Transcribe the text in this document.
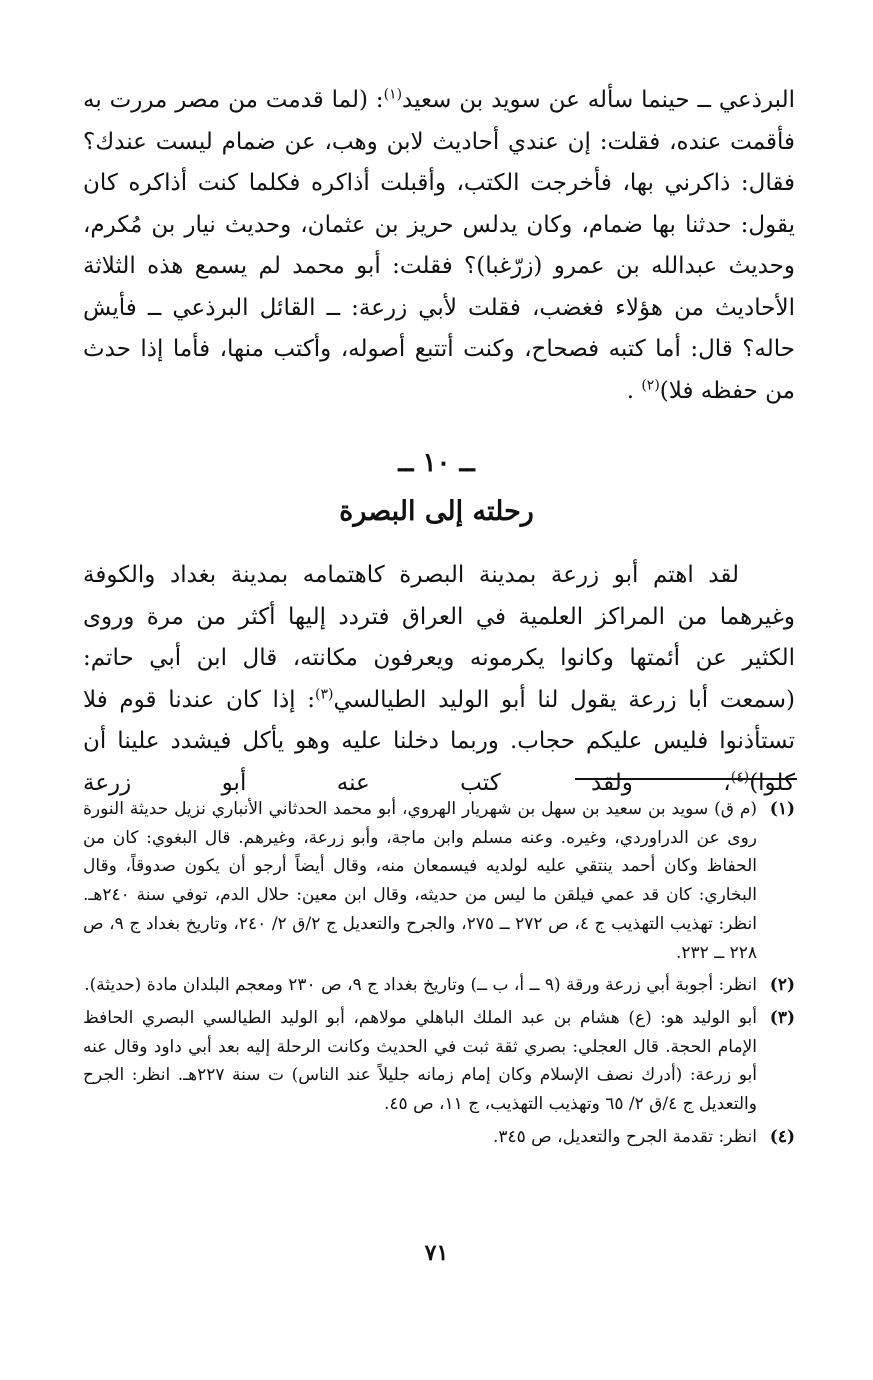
البرذعي ــ حينما سأله عن سويد بن سعيد$^{(١)}$: (لما قدمت من مصر مررت به فأقمت عنده، فقلت: إن عندي أحاديث لابن وهب، عن ضمام ليست عندك؟ فقال: ذاكرني بها، فأخرجت الكتب، وأقبلت أذاكره فكلما كنت أذاكره كان يقول: حدثنا بها ضمام، وكان يدلس حريز بن عثمان، وحديث نيار بن مُكرم، وحديث عبدالله بن عمرو (زرّغبا)؟ فقلت: أبو محمد لم يسمع هذه الثلاثة الأحاديث من هؤلاء فغضب، فقلت لأبي زرعة: ــ القائل البرذعي ــ فأيش حاله؟ قال: أما كتبه فصحاح، وكنت أتتبع أصوله، وأكتب منها، فأما إذا حدث من حفظه فلا)$^{(٢)}$ .

ــ ١٠ ــ
رحلته إلى البصرة

لقد اهتم أبو زرعة بمدينة البصرة كاهتمامه بمدينة بغداد والكوفة وغيرهما من المراكز العلمية في العراق فتردد إليها أكثر من مرة وروى الكثير عن أئمتها وكانوا يكرمونه ويعرفون مكانته، قال ابن أبي حاتم: (سمعت أبا زرعة يقول لنا أبو الوليد الطيالسي$^{(٣)}$: إذا كان عندنا قوم فلا تستأذنوا فليس عليكم حجاب. وربما دخلنا عليه وهو يأكل فيشدد علينا أن كلوا)$^{(٤)}$، ولقد كتب عنه أبو زرعة

(١)
(م ق) سويد بن سعيد بن سهل بن شهريار الهروي، أبو محمد الحدثاني الأنباري نزيل حديثة النورة روى عن الدراوردي، وغيره. وعنه مسلم وابن ماجة، وأبو زرعة، وغيرهم. قال البغوي: كان من الحفاظ وكان أحمد ينتقي عليه لولديه فيسمعان منه، وقال أيضاً أرجو أن يكون صدوقاً، وقال البخاري: كان قد عمي فيلقن ما ليس من حديثه، وقال ابن معين: حلال الدم، توفي سنة ٢٤٠هـ. انظر: تهذيب التهذيب ج ٤، ص ٢٧٢ ــ ٢٧٥، والجرح والتعديل ج ٢/ق ٢/ ٢٤٠، وتاريخ بغداد ج ٩، ص ٢٢٨ ــ ٢٣٢.
(٢)
انظر: أجوبة أبي زرعة ورقة (٩ ــ أ، ب ــ) وتاريخ بغداد ج ٩، ص ٢٣٠ ومعجم البلدان مادة (حديثة).
(٣)
أبو الوليد هو: (ع) هشام بن عبد الملك الباهلي مولاهم، أبو الوليد الطيالسي البصري الحافظ الإمام الحجة. قال العجلي: بصري ثقة ثبت في الحديث وكانت الرحلة إليه بعد أبي داود وقال عنه أبو زرعة: (أدرك نصف الإسلام وكان إمام زمانه جليلاً عند الناس) ت سنة ٢٢٧هـ. انظر: الجرح والتعديل ج ٤/ق ٢/ ٦٥ وتهذيب التهذيب، ج ١١، ص ٤٥.
(٤)
انظر: تقدمة الجرح والتعديل، ص ٣٤٥.
٧١
